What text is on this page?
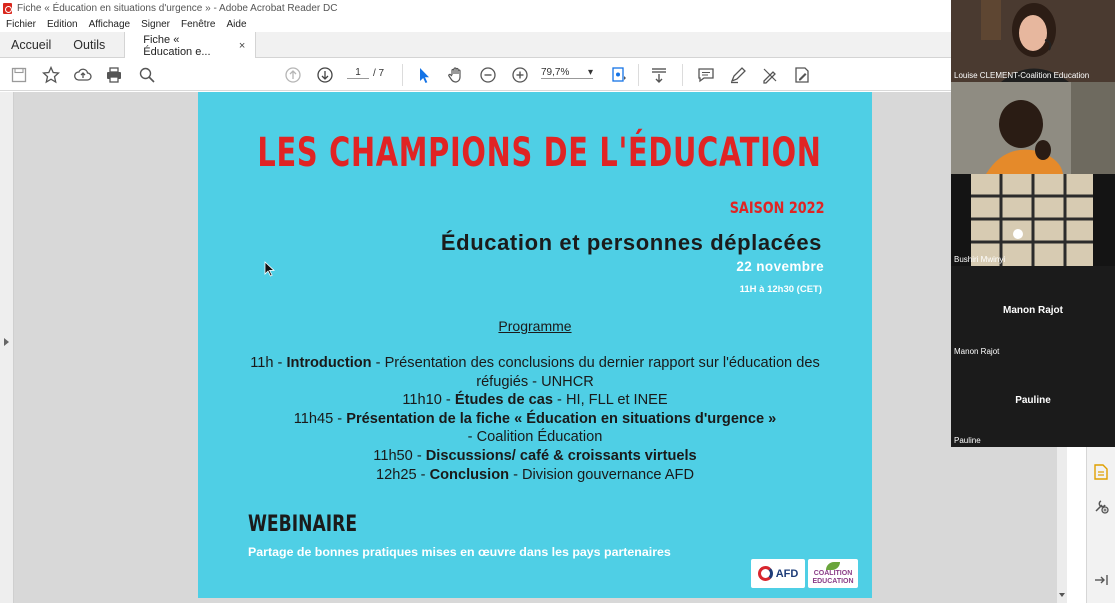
Fiche « Éducation en situations d'urgence » - Adobe Acrobat Reader DC
Fichier Edition Affichage Signer Fenêtre Aide
Accueil	Outils	Fiche « Éducation e...	×
1	/ 7	79,7% ▾
LES CHAMPIONS DE L'ÉDUCATION
SAISON 2022
Éducation et personnes déplacées
22 novembre
11H à 12h30 (CET)
Programme
11h - Introduction - Présentation des conclusions du dernier rapport sur l'éducation des
réfugiés - UNHCR
11h10 - Études de cas - HI, FLL et INEE
11h45 - Présentation de la fiche « Éducation en situations d'urgence »
- Coalition Éducation
11h50 - Discussions/ café & croissants virtuels
12h25 - Conclusion - Division gouvernance AFD
WEBINAIRE
Partage de bonnes pratiques mises en œuvre dans les pays partenaires
AFD COALITION
EDUCATION
Louise CLEMENT-Coalition Education
Bushiri Mwinyi
Manon Rajot
Manon Rajot
Pauline
Pauline
